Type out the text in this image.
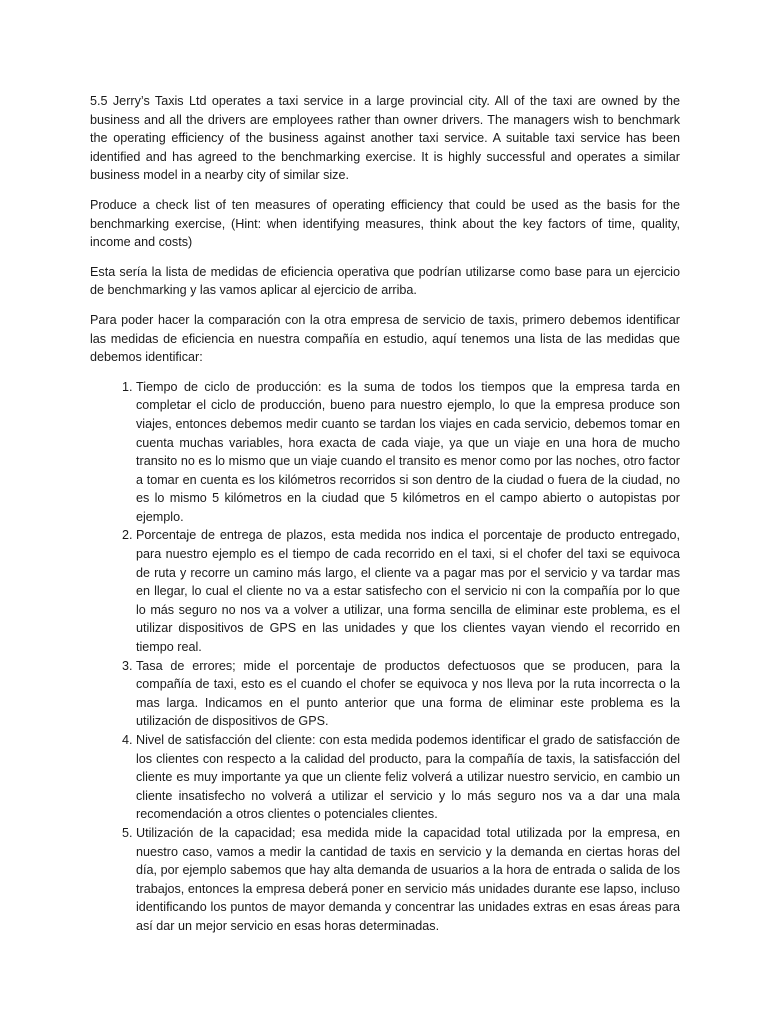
5.5 Jerry’s Taxis Ltd operates a taxi service in a large provincial city. All of the taxi are owned by the business and all the drivers are employees rather than owner drivers. The managers wish to benchmark the operating efficiency of the business against another taxi service. A suitable taxi service has been identified and has agreed to the benchmarking exercise. It is highly successful and operates a similar business model in a nearby city of similar size.

Produce a check list of ten measures of operating efficiency that could be used as the basis for the benchmarking exercise, (Hint: when identifying measures, think about the key factors of time, quality, income and costs)

Esta sería la lista de medidas de eficiencia operativa que podrían utilizarse como base para un ejercicio de benchmarking y las vamos aplicar al ejercicio de arriba.

Para poder hacer la comparación con la otra empresa de servicio de taxis, primero debemos identificar las medidas de eficiencia en nuestra compañía en estudio, aquí tenemos una lista de las medidas que debemos identificar:

1. Tiempo de ciclo de producción: es la suma de todos los tiempos que la empresa tarda en completar el ciclo de producción, bueno para nuestro ejemplo, lo que la empresa produce son viajes, entonces debemos medir cuanto se tardan los viajes en cada servicio, debemos tomar en cuenta muchas variables, hora exacta de cada viaje, ya que un viaje en una hora de mucho transito no es lo mismo que un viaje cuando el transito es menor como por las noches, otro factor a tomar en cuenta es los kilómetros recorridos si son dentro de la ciudad o fuera de la ciudad, no es lo mismo 5 kilómetros en la ciudad que 5 kilómetros en el campo abierto o autopistas por ejemplo.
2. Porcentaje de entrega de plazos, esta medida nos indica el porcentaje de producto entregado, para nuestro ejemplo es el tiempo de cada recorrido en el taxi, si el chofer del taxi se equivoca de ruta y recorre un camino más largo, el cliente va a pagar mas por el servicio y va tardar mas en llegar, lo cual el cliente no va a estar satisfecho con el servicio ni con la compañía por lo que lo más seguro no nos va a volver a utilizar, una forma sencilla de eliminar este problema, es el utilizar dispositivos de GPS en las unidades y que los clientes vayan viendo el recorrido en tiempo real.
3. Tasa de errores; mide el porcentaje de productos defectuosos que se producen, para la compañía de taxi, esto es el cuando el chofer se equivoca y nos lleva por la ruta incorrecta o la mas larga. Indicamos en el punto anterior que una forma de eliminar este problema es la utilización de dispositivos de GPS.
4. Nivel de satisfacción del cliente: con esta medida podemos identificar el grado de satisfacción de los clientes con respecto a la calidad del producto, para la compañía de taxis, la satisfacción del cliente es muy importante ya que un cliente feliz volverá a utilizar nuestro servicio, en cambio un cliente insatisfecho no volverá a utilizar el servicio y lo más seguro nos va a dar una mala recomendación a otros clientes o potenciales clientes.
5. Utilización de la capacidad; esa medida mide la capacidad total utilizada por la empresa, en nuestro caso, vamos a medir la cantidad de taxis en servicio y la demanda en ciertas horas del día, por ejemplo sabemos que hay alta demanda de usuarios a la hora de entrada o salida de los trabajos, entonces la empresa deberá poner en servicio más unidades durante ese lapso, incluso identificando los puntos de mayor demanda y concentrar las unidades extras en esas áreas para así dar un mejor servicio en esas horas determinadas.
